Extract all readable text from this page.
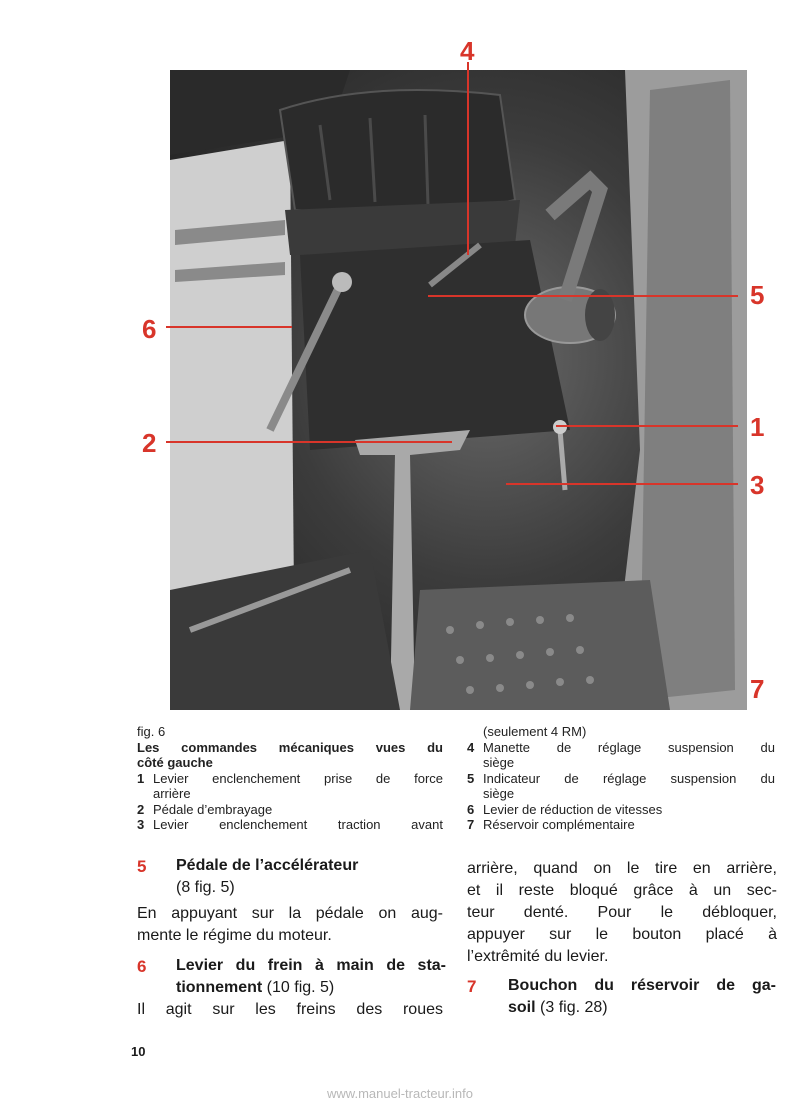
4
5
6
2
1
3
7
fig. 6
Les commandes mécaniques vues du
côté gauche
1 Levier enclenchement prise de force
arrière
2 Pédale d’embrayage
3 Levier enclenchement traction avant
(seulement 4 RM)
4 Manette de réglage suspension du
siège
5 Indicateur de réglage suspension du
siège
6 Levier de réduction de vitesses
7 Réservoir complémentaire
5 Pédale de l’accélérateur
(8 fig. 5)
En appuyant sur la pédale on aug-
mente le régime du moteur.
6 Levier du frein à main de sta-
tionnement (10 fig. 5)
Il agit sur les freins des roues
arrière, quand on le tire en arrière,
et il reste bloqué grâce à un sec-
teur denté. Pour le débloquer,
appuyer sur le bouton placé à
l’extrêmité du levier.
7 Bouchon du réservoir de ga-
soil (3 fig. 28)
10
www.manuel-tracteur.info
